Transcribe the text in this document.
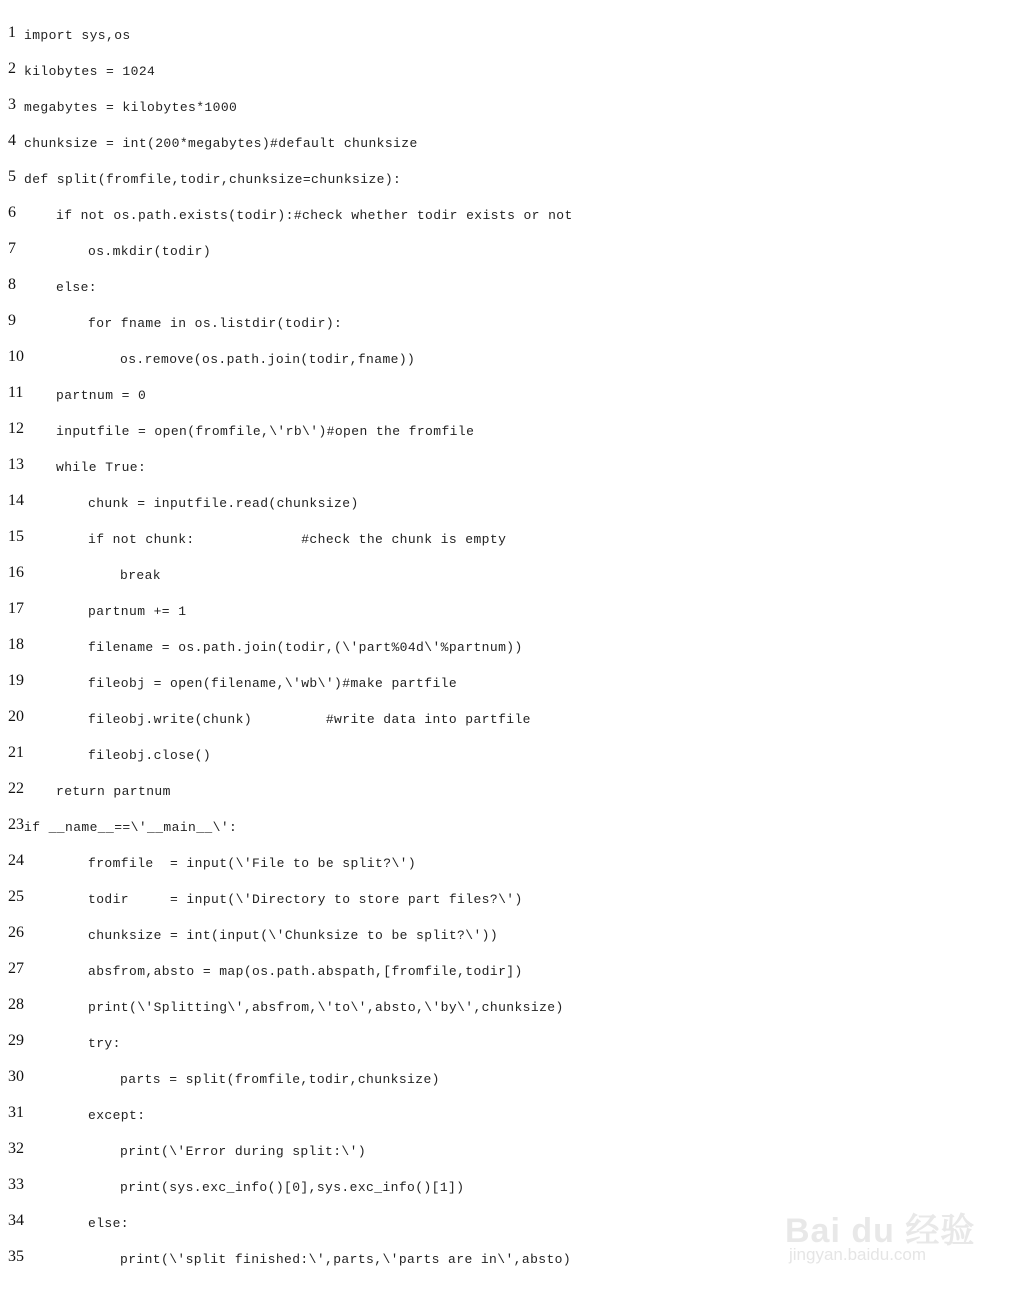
1 import sys,os
2 kilobytes = 1024
3 megabytes = kilobytes*1000
4 chunksize = int(200*megabytes)#default chunksize
5 def split(fromfile,todir,chunksize=chunksize):
6	if not os.path.exists(todir):#check whether todir exists or not
7	os.mkdir(todir)
8	else:
9	for fname in os.listdir(todir):
10	os.remove(os.path.join(todir,fname))
11	partnum = 0
12 inputfile = open(fromfile,\'rb\')#open the fromfile
13 while True:
14	chunk = inputfile.read(chunksize)
15	if not chunk:             #check the chunk is empty
16	break
17	partnum += 1
18	filename = os.path.join(todir,(\'part%04d\'%partnum))
19	fileobj = open(filename,\'wb\')#make partfile
20	fileobj.write(chunk)         #write data into partfile
21	fileobj.close()
22 return partnum
23 if __name__==\'__main__\':
24	fromfile  = input(\'File to be split?\')
25	todir     = input(\'Directory to store part files?\')
26	chunksize = int(input(\'Chunksize to be split?\'))
27	absfrom,absto = map(os.path.abspath,[fromfile,todir])
28	print(\'Splitting\',absfrom,\'to\',absto,\'by\',chunksize)
29	try:
30	parts = split(fromfile,todir,chunksize)
31	except:
32	print(\'Error during split:\')
33	print(sys.exc_info()[0],sys.exc_info()[1])
34	else:
35	print(\'split finished:\',parts,\'parts are in\',absto)
Bai du 经验
jingyan.baidu.com
